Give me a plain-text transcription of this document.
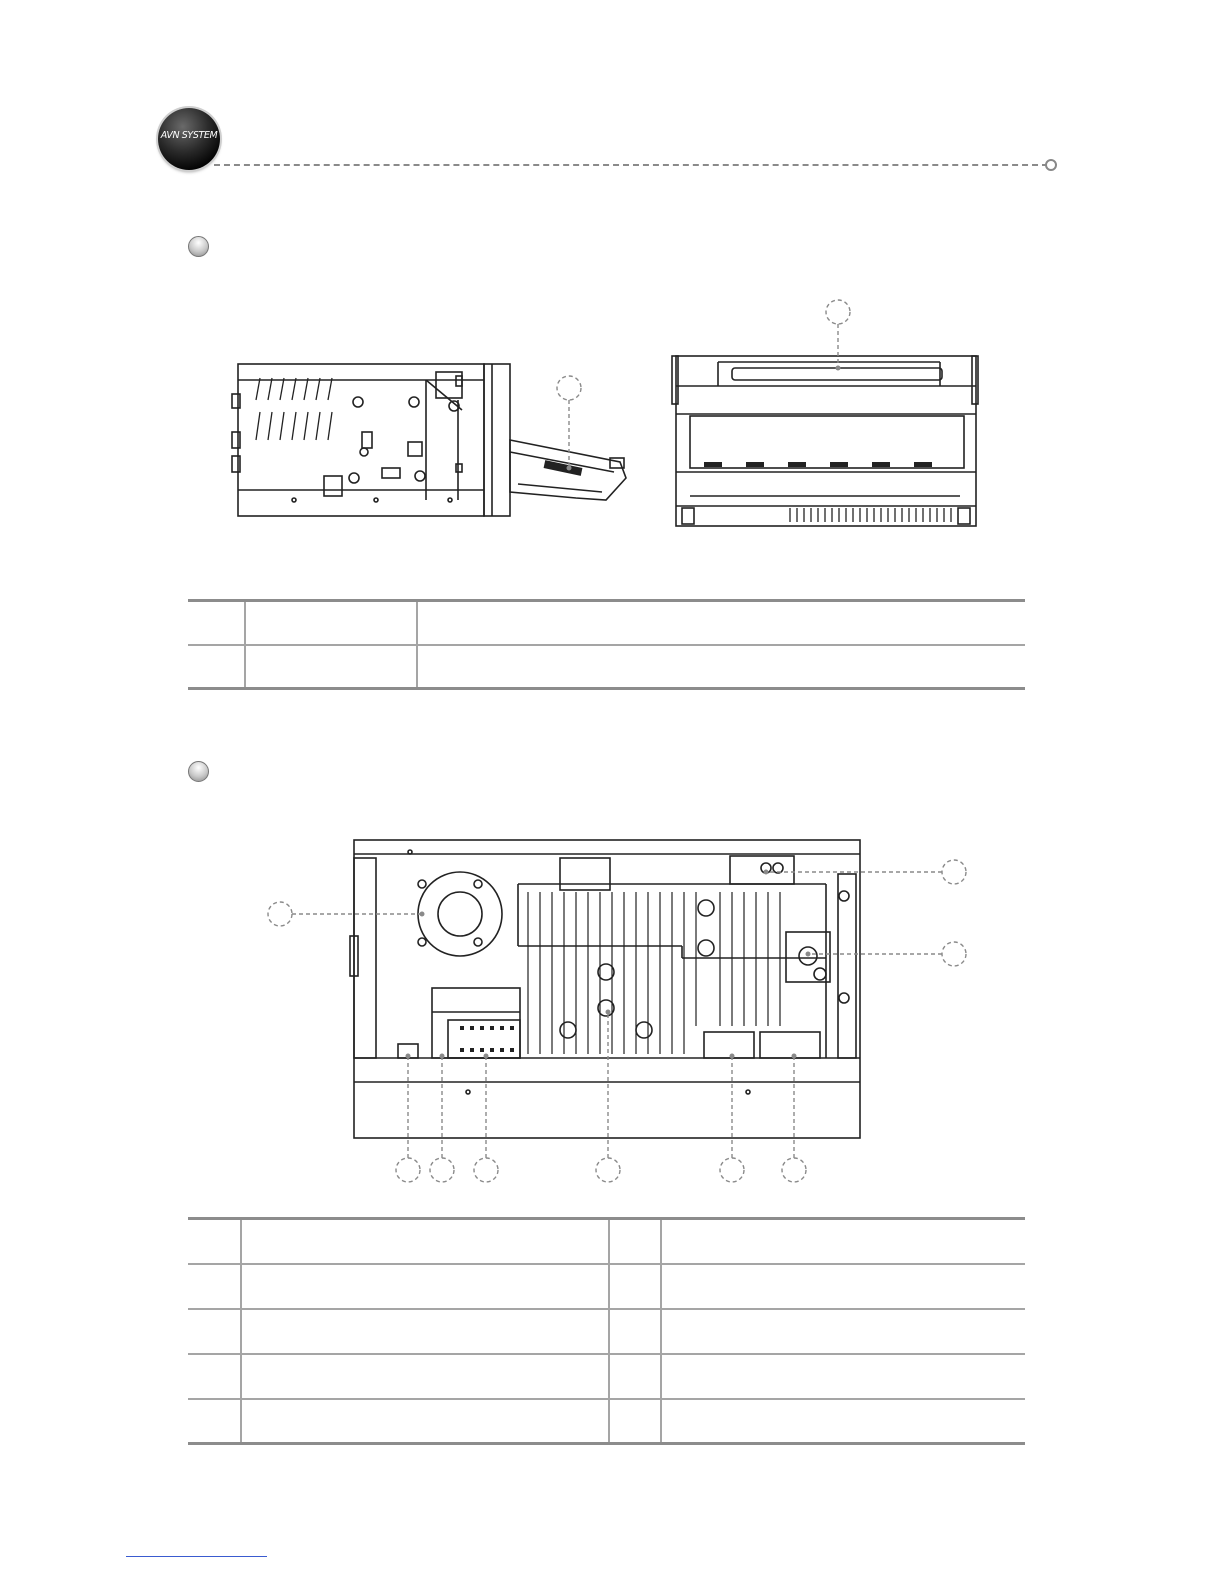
AVN SYSTEM
